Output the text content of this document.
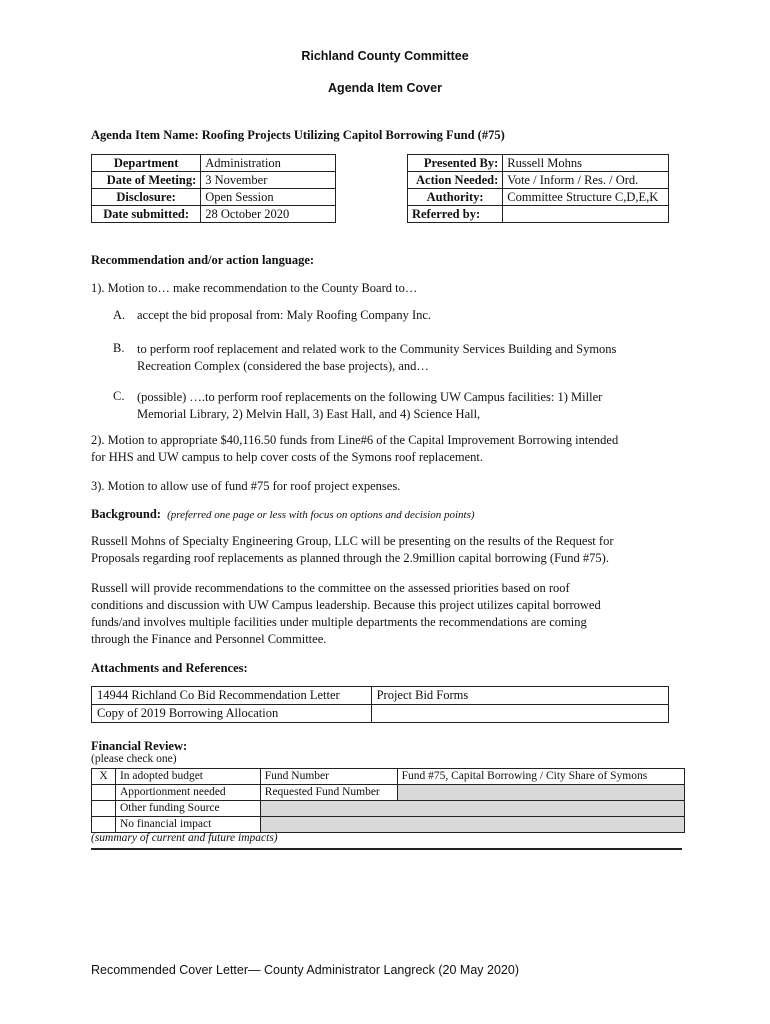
Richland County Committee
Agenda Item Cover
Agenda Item Name: Roofing Projects Utilizing Capitol Borrowing Fund (#75)
Department	Administration		Presented By:	Russell Mohns
Date of Meeting:	3 November		Action Needed:	Vote / Inform / Res. / Ord.
Disclosure:	Open Session		Authority:	Committee Structure C,D,E,K
Date submitted:	28 October 2020		Referred by:	
Recommendation and/or action language:
1). Motion to… make recommendation to the County Board to…
A. accept the bid proposal from: Maly Roofing Company Inc.
B. to perform roof replacement and related work to the Community Services Building and Symons
Recreation Complex (considered the base projects), and…
C. (possible) ….to perform roof replacements on the following UW Campus facilities: 1) Miller
Memorial Library, 2) Melvin Hall, 3) East Hall, and 4) Science Hall,
2). Motion to appropriate $40,116.50 funds from Line#6 of the Capital Improvement Borrowing intended
for HHS and UW campus to help cover costs of the Symons roof replacement.
3). Motion to allow use of fund #75 for roof project expenses.
Background: (preferred one page or less with focus on options and decision points)
Russell Mohns of Specialty Engineering Group, LLC will be presenting on the results of the Request for
Proposals regarding roof replacements as planned through the 2.9million capital borrowing (Fund #75).
Russell will provide recommendations to the committee on the assessed priorities based on roof
conditions and discussion with UW Campus leadership. Because this project utilizes capital borrowed
funds/and involves multiple facilities under multiple departments the recommendations are coming
through the Finance and Personnel Committee.
Attachments and References:
14944 Richland Co Bid Recommendation Letter	Project Bid Forms
Copy of 2019 Borrowing Allocation	
Financial Review:
(please check one)
X	In adopted budget	Fund Number	Fund #75, Capital Borrowing / City Share of Symons
	Apportionment needed	Requested Fund Number	
	Other funding Source		
	No financial impact		
(summary of current and future impacts)
Recommended Cover Letter— County Administrator Langreck (20 May 2020)
